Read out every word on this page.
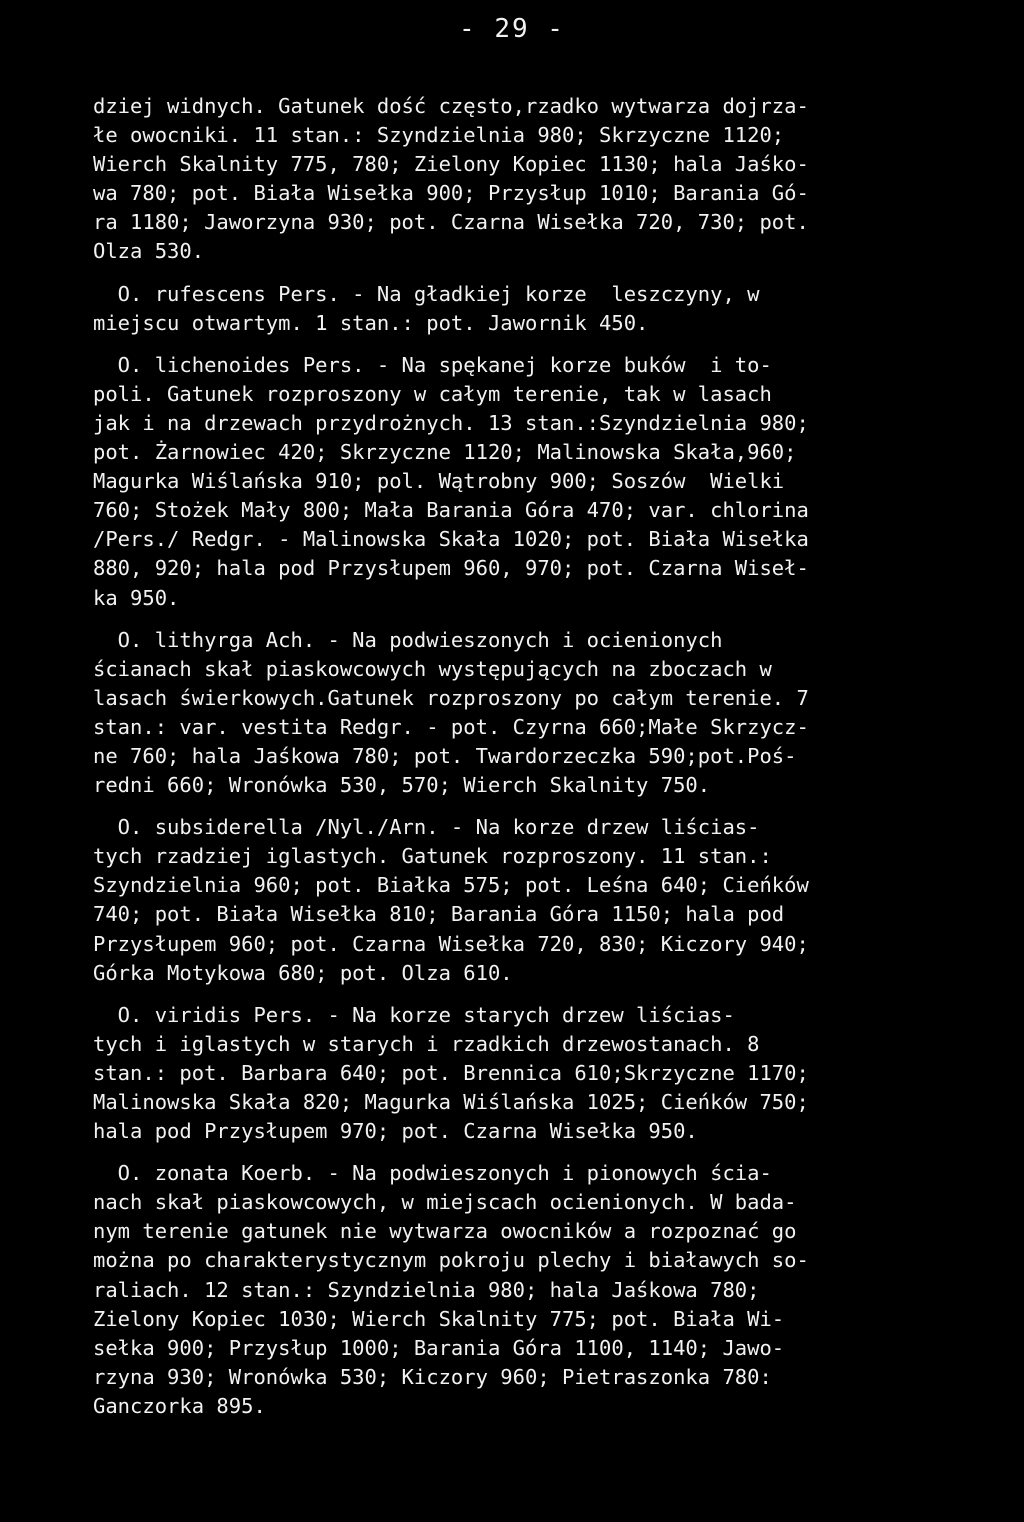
- 29 -
dziej widnych. Gatunek dość często,rzadko wytwarza dojrza-
łe owocniki. 11 stan.: Szyndzielnia 980; Skrzyczne 1120;
Wierch Skalnity 775, 780; Zielony Kopiec 1130; hala Jaśko-
wa 780; pot. Biała Wisełka 900; Przysłup 1010; Barania Gó-
ra 1180; Jaworzyna 930; pot. Czarna Wisełka 720, 730; pot.
Olza 530.
O. rufescens Pers. - Na gładkiej korze  leszczyny, w
miejscu otwartym. 1 stan.: pot. Jawornik 450.
O. lichenoides Pers. - Na spękanej korze buków  i to-
poli. Gatunek rozproszony w całym terenie, tak w lasach
jak i na drzewach przydrożnych. 13 stan.:Szyndzielnia 980;
pot. Żarnowiec 420; Skrzyczne 1120; Malinowska Skała,960;
Magurka Wiślańska 910; pol. Wątrobny 900; Soszów  Wielki
760; Stożek Mały 800; Mała Barania Góra 470; var. chlorina
/Pers./ Redgr. - Malinowska Skała 1020; pot. Biała Wisełka
880, 920; hala pod Przysłupem 960, 970; pot. Czarna Wiseł-
ka 950.
O. lithyrga Ach. - Na podwieszonych i ocienionych
ścianach skał piaskowcowych występujących na zboczach w
lasach świerkowych.Gatunek rozproszony po całym terenie. 7
stan.: var. vestita Redgr. - pot. Czyrna 660;Małe Skrzycz-
ne 760; hala Jaśkowa 780; pot. Twardorzeczka 590;pot.Poś-
redni 660; Wronówka 530, 570; Wierch Skalnity 750.
O. subsiderella /Nyl./Arn. - Na korze drzew liścias-
tych rzadziej iglastych. Gatunek rozproszony. 11 stan.:
Szyndzielnia 960; pot. Białka 575; pot. Leśna 640; Cieńków
740; pot. Biała Wisełka 810; Barania Góra 1150; hala pod
Przysłupem 960; pot. Czarna Wisełka 720, 830; Kiczory 940;
Górka Motykowa 680; pot. Olza 610.
O. viridis Pers. - Na korze starych drzew liścias-
tych i iglastych w starych i rzadkich drzewostanach. 8
stan.: pot. Barbara 640; pot. Brennica 610;Skrzyczne 1170;
Malinowska Skała 820; Magurka Wiślańska 1025; Cieńków 750;
hala pod Przysłupem 970; pot. Czarna Wisełka 950.
O. zonata Koerb. - Na podwieszonych i pionowych ścia-
nach skał piaskowcowych, w miejscach ocienionych. W bada-
nym terenie gatunek nie wytwarza owocników a rozpoznać go
można po charakterystycznym pokroju plechy i białawych so-
raliach. 12 stan.: Szyndzielnia 980; hala Jaśkowa 780;
Zielony Kopiec 1030; Wierch Skalnity 775; pot. Biała Wi-
sełka 900; Przysłup 1000; Barania Góra 1100, 1140; Jawo-
rzyna 930; Wronówka 530; Kiczory 960; Pietraszonka 780:
Ganczorka 895.
